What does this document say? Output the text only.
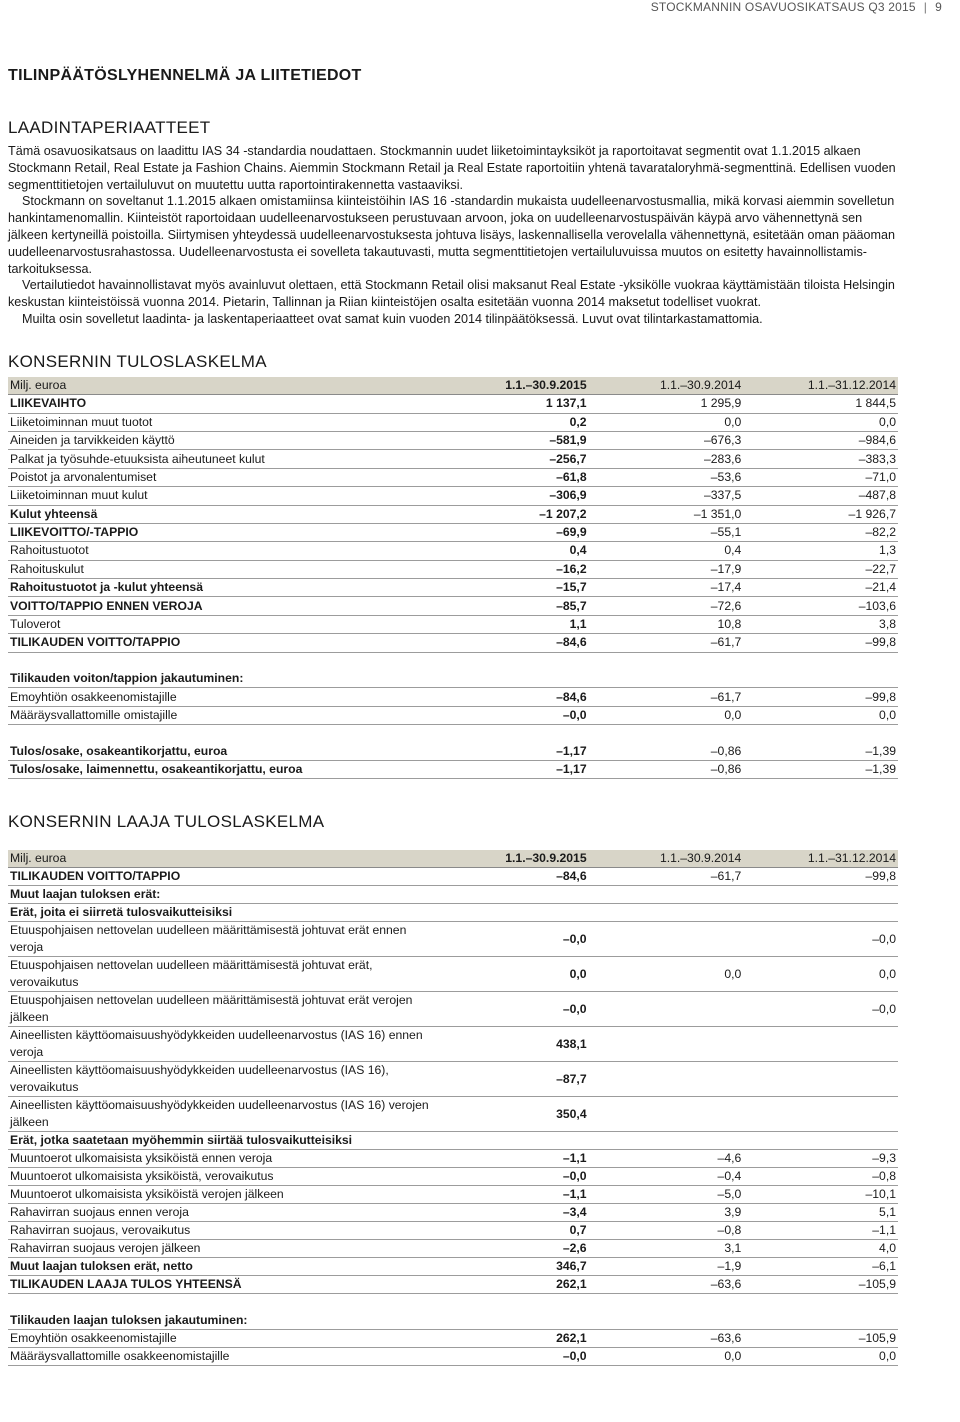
STOCKMANNIN OSAVUOSIKATSAUS Q3 2015 | 9
TILINPÄÄTÖSLYHENNELMÄ JA LIITETIEDOT
LAADINTAPERIAATTEET

Tämä osavuosikatsaus on laadittu IAS 34 -standardia noudattaen. Stockmannin uudet liiketoimintayksiköt ja raportoitavat segmentit ovat 1.1.2015 alkaen Stockmann Retail, Real Estate ja Fashion Chains. Aiemmin Stockmann Retail ja Real Estate raportoitiin yhtenä tavarataloryhmä-segmenttinä. Edellisen vuoden segmenttitietojen vertailuluvut on muutettu uutta raportointirakennetta vastaaviksi.

Stockmann on soveltanut 1.1.2015 alkaen omistamiinsa kiinteistöihin IAS 16 -standardin mukaista uudelleenarvostusmallia, mikä korvasi aiemmin sovelletun hankintamenomallin. Kiinteistöt raportoidaan uudelleenarvostukseen perustuvaan arvoon, joka on uudelleenarvostuspäivän käypä arvo vähennettynä sen jälkeen kertyneillä poistoilla. Siirtymisen yhteydessä uudelleenarvostuksesta johtuva lisäys, laskennallisella verovelalla vähennettynä, esitetään oman pääoman uudelleenarvostusrahastossa. Uudelleenarvostusta ei sovelleta takautuvasti, mutta segmenttitietojen vertailuluvuissa muutos on esitetty havainnollistamis-tarkoituksessa.

Vertailutiedot havainnollistavat myös avainluvut olettaen, että Stockmann Retail olisi maksanut Real Estate -yksikölle vuokraa käyttämistään tiloista Helsingin keskustan kiinteistöissä vuonna 2014. Pietarin, Tallinnan ja Riian kiinteistöjen osalta esitetään vuonna 2014 maksetut todelliset vuokrat.

Muilta osin sovelletut laadinta- ja laskentaperiaatteet ovat samat kuin vuoden 2014 tilinpäätöksessä. Luvut ovat tilintarkastamattomia.

KONSERNIN TULOSLASKELMA
Milj. euroa	1.1.–30.9.2015	1.1.–30.9.2014	1.1.–31.12.2014
LIIKEVAIHTO	1 137,1	1 295,9	1 844,5
Liiketoiminnan muut tuotot	0,2	0,0	0,0
Aineiden ja tarvikkeiden käyttö	–581,9	–676,3	–984,6
Palkat ja työsuhde-etuuksista aiheutuneet kulut	–256,7	–283,6	–383,3
Poistot ja arvonalentumiset	–61,8	–53,6	–71,0
Liiketoiminnan muut kulut	–306,9	–337,5	–487,8
Kulut yhteensä	–1 207,2	–1 351,0	–1 926,7
LIIKEVOITTO/-TAPPIO	–69,9	–55,1	–82,2
Rahoitustuotot	0,4	0,4	1,3
Rahoituskulut	–16,2	–17,9	–22,7
Rahoitustuotot ja -kulut yhteensä	–15,7	–17,4	–21,4
VOITTO/TAPPIO ENNEN VEROJA	–85,7	–72,6	–103,6
Tuloverot	1,1	10,8	3,8
TILIKAUDEN VOITTO/TAPPIO	–84,6	–61,7	–99,8

Tilikauden voiton/tappion jakautuminen:			
Emoyhtiön osakkeenomistajille	–84,6	–61,7	–99,8
Määräysvallattomille omistajille	–0,0	0,0	0,0

Tulos/osake, osakeantikorjattu, euroa	–1,17	–0,86	–1,39
Tulos/osake, laimennettu, osakeantikorjattu, euroa	–1,17	–0,86	–1,39
KONSERNIN LAAJA TULOSLASKELMA
Milj. euroa	1.1.–30.9.2015	1.1.–30.9.2014	1.1.–31.12.2014
TILIKAUDEN VOITTO/TAPPIO	–84,6	–61,7	–99,8
Muut laajan tuloksen erät:			
Erät, joita ei siirretä tulosvaikutteisiksi			
Etuuspohjaisen nettovelan uudelleen määrittämisestä johtuvat erät ennen veroja	–0,0		–0,0
Etuuspohjaisen nettovelan uudelleen määrittämisestä johtuvat erät, verovaikutus	0,0	0,0	0,0
Etuuspohjaisen nettovelan uudelleen määrittämisestä johtuvat erät verojen jälkeen	–0,0		–0,0
Aineellisten käyttöomaisuushyödykkeiden uudelleenarvostus (IAS 16) ennen veroja	438,1		
Aineellisten käyttöomaisuushyödykkeiden uudelleenarvostus (IAS 16), verovaikutus	–87,7		
Aineellisten käyttöomaisuushyödykkeiden uudelleenarvostus (IAS 16) verojen jälkeen	350,4		
Erät, jotka saatetaan myöhemmin siirtää tulosvaikutteisiksi			
Muuntoerot ulkomaisista yksiköistä ennen veroja	–1,1	–4,6	–9,3
Muuntoerot ulkomaisista yksiköistä, verovaikutus	–0,0	–0,4	–0,8
Muuntoerot ulkomaisista yksiköistä verojen jälkeen	–1,1	–5,0	–10,1
Rahavirran suojaus ennen veroja	–3,4	3,9	5,1
Rahavirran suojaus, verovaikutus	0,7	–0,8	–1,1
Rahavirran suojaus verojen jälkeen	–2,6	3,1	4,0
Muut laajan tuloksen erät, netto	346,7	–1,9	–6,1
TILIKAUDEN LAAJA TULOS YHTEENSÄ	262,1	–63,6	–105,9

Tilikauden laajan tuloksen jakautuminen:			
Emoyhtiön osakkeenomistajille	262,1	–63,6	–105,9
Määräysvallattomille osakkeenomistajille	–0,0	0,0	0,0
